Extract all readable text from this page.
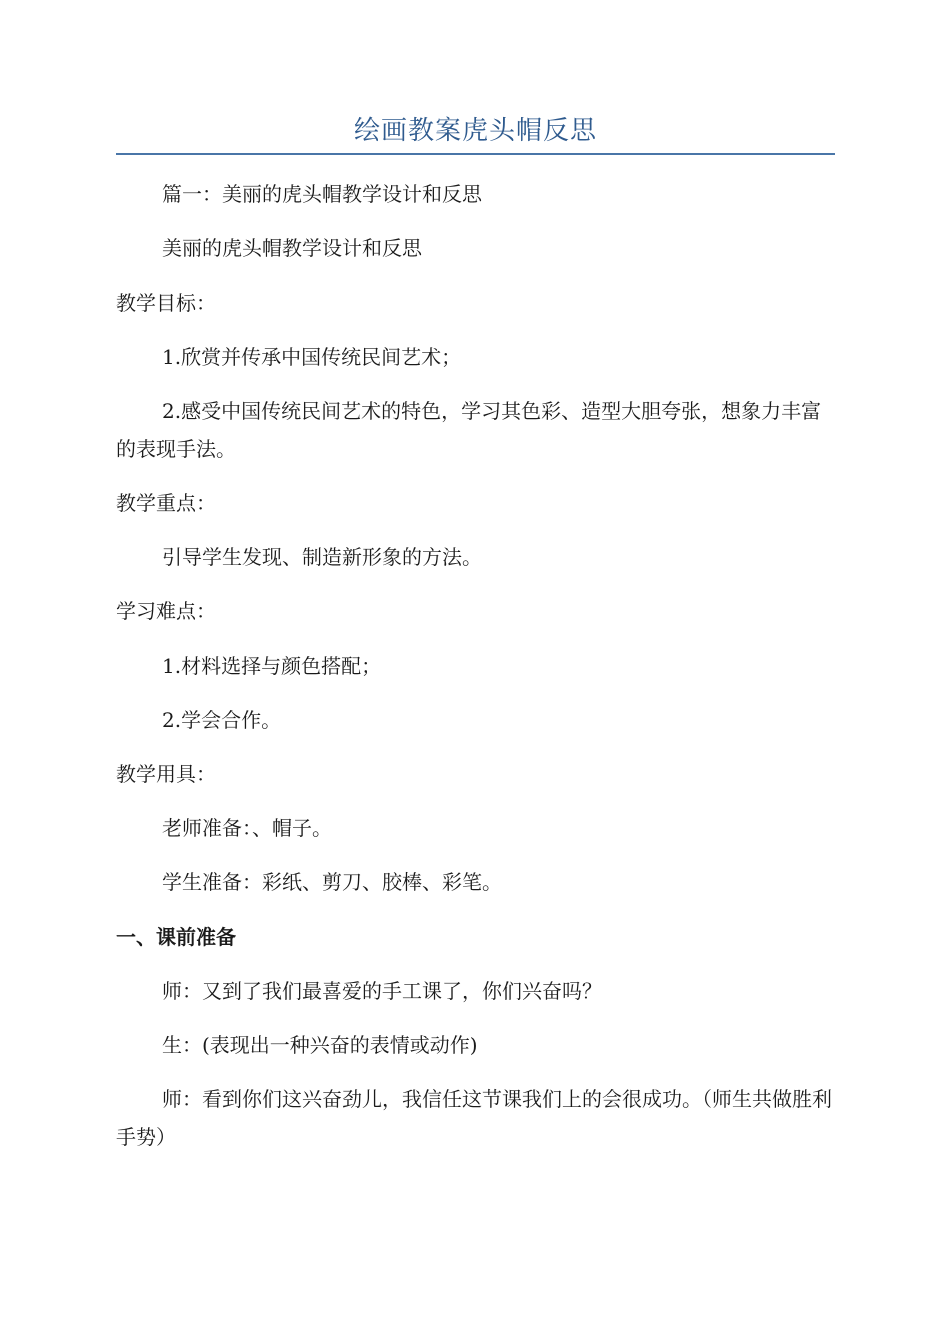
绘画教案虎头帽反思

篇一：美丽的虎头帽教学设计和反思

美丽的虎头帽教学设计和反思

教学目标：

1.欣赏并传承中国传统民间艺术；

2.感受中国传统民间艺术的特色，学习其色彩、造型大胆夸张，想象力丰富的表现手法。

教学重点：

引导学生发现、制造新形象的方法。

学习难点：

1.材料选择与颜色搭配；

2.学会合作。

教学用具：

老师准备：、帽子。

学生准备：彩纸、剪刀、胶棒、彩笔。

一、课前准备

师：又到了我们最喜爱的手工课了，你们兴奋吗？

生：(表现出一种兴奋的表情或动作)

师：看到你们这兴奋劲儿，我信任这节课我们上的会很成功。（师生共做胜利手势）
